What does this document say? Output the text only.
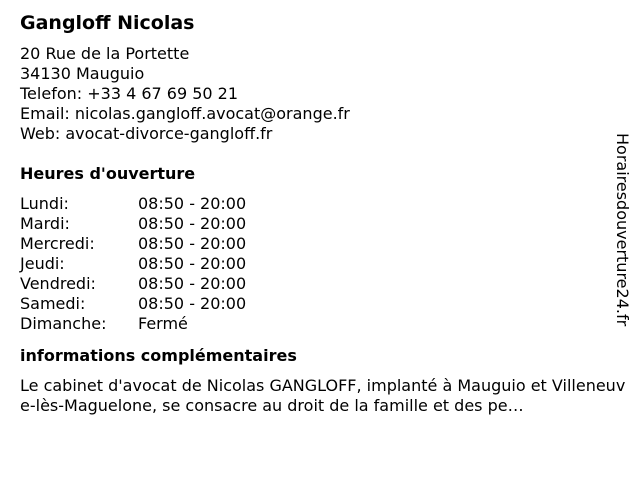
Gangloff Nicolas
20 Rue de la Portette
34130 Mauguio
Telefon: +33 4 67 69 50 21
Email: nicolas.gangloff.avocat@orange.fr
Web: avocat-divorce-gangloff.fr
Heures d'ouverture
Lundi:	08:50 - 20:00
Mardi:	08:50 - 20:00
Mercredi:	08:50 - 20:00
Jeudi:	08:50 - 20:00
Vendredi:	08:50 - 20:00
Samedi:	08:50 - 20:00
Dimanche:	Fermé
informations complémentaires
Le cabinet d'avocat de Nicolas GANGLOFF, implanté à Mauguio et Villeneuve-lès-Maguelone, se consacre au droit de la famille et des pe…
Horairesdouverture24.fr
